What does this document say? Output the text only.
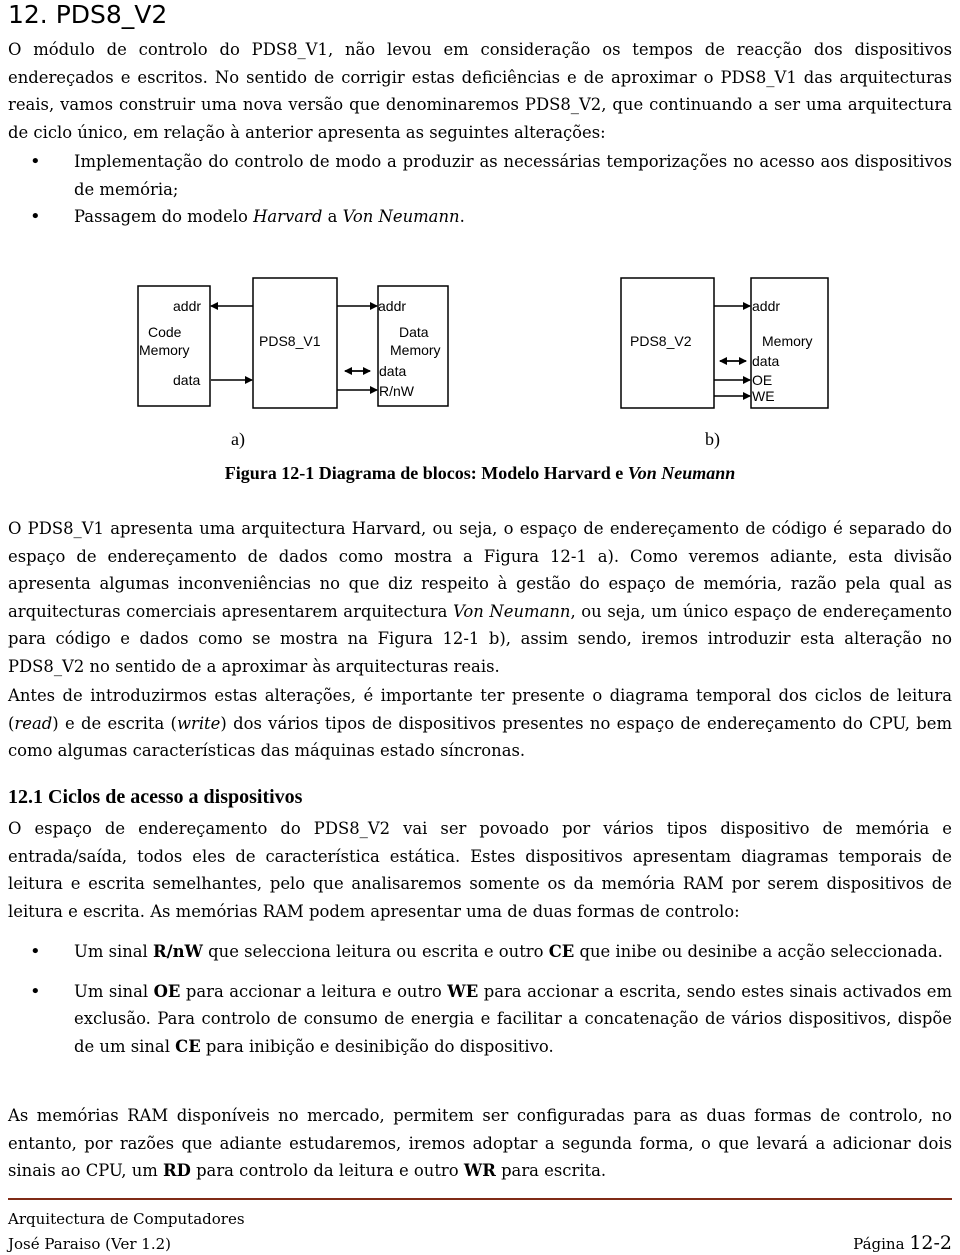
12. PDS8_V2

O módulo de controlo do PDS8_V1, não levou em consideração os tempos de reacção dos dispositivos endereçados e escritos. No sentido de corrigir estas deficiências e de aproximar o PDS8_V1 das arquitecturas reais, vamos construir uma nova versão que denominaremos PDS8_V2, que continuando a ser uma arquitectura de ciclo único, em relação à anterior apresenta as seguintes alterações:

• Implementação do controlo de modo a produzir as necessárias temporizações no acesso aos dispositivos de memória;
• Passagem do modelo Harvard a Von Neumann.
addr
Code
Memory
data
PDS8_V1
addr
Data
Memory
data
R/nW
a)
PDS8_V2
addr
Memory
data
OE
WE
b)
Figura 12-1 Diagrama de blocos: Modelo Harvard e Von Neumann

O PDS8_V1 apresenta uma arquitectura Harvard, ou seja, o espaço de endereçamento de código é separado do espaço de endereçamento de dados como mostra a Figura 12-1 a). Como veremos adiante, esta divisão apresenta algumas inconveniências no que diz respeito à gestão do espaço de memória, razão pela qual as arquitecturas comerciais apresentarem arquitectura Von Neumann, ou seja, um único espaço de endereçamento para código e dados como se mostra na Figura 12-1 b), assim sendo, iremos introduzir esta alteração no PDS8_V2 no sentido de a aproximar às arquitecturas reais.

Antes de introduzirmos estas alterações, é importante ter presente o diagrama temporal dos ciclos de leitura (read) e de escrita (write) dos vários tipos de dispositivos presentes no espaço de endereçamento do CPU, bem como algumas características das máquinas estado síncronas.

12.1 Ciclos de acesso a dispositivos

O espaço de endereçamento do PDS8_V2 vai ser povoado por vários tipos dispositivo de memória e entrada/saída, todos eles de característica estática. Estes dispositivos apresentam diagramas temporais de leitura e escrita semelhantes, pelo que analisaremos somente os da memória RAM por serem dispositivos de leitura e escrita. As memórias RAM podem apresentar uma de duas formas de controlo:

• Um sinal R/nW que selecciona leitura ou escrita e outro CE que inibe ou desinibe a acção seleccionada.
• Um sinal OE para accionar a leitura e outro WE para accionar a escrita, sendo estes sinais activados em exclusão. Para controlo de consumo de energia e facilitar a concatenação de vários dispositivos, dispõe de um sinal CE para inibição e desinibição do dispositivo.

As memórias RAM disponíveis no mercado, permitem ser configuradas para as duas formas de controlo, no entanto, por razões que adiante estudaremos, iremos adoptar a segunda forma, o que levará a adicionar dois sinais ao CPU, um RD para controlo da leitura e outro WR para escrita.

Arquitectura de Computadores
José Paraiso (Ver 1.2)	Página 12-2
